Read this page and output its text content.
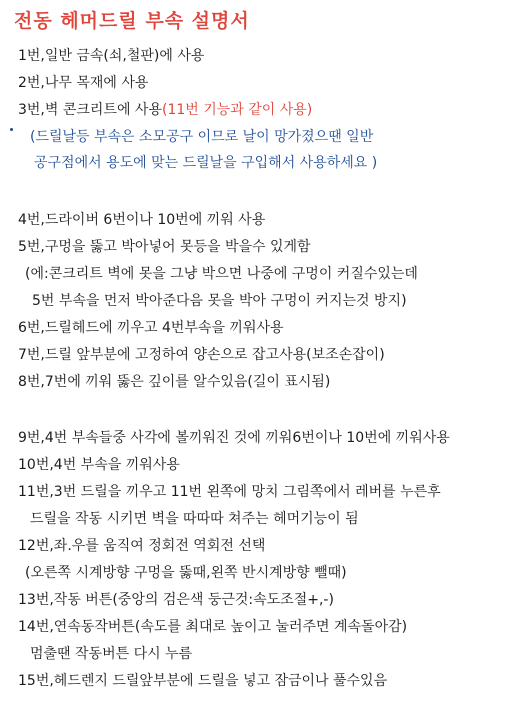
전동 헤머드릴 부속 설명서
1번,일반 금속(쇠,철판)에 사용
2번,나무 목재에 사용
3번,벽 콘크리트에 사용(11번 기능과 같이 사용)
(드릴날등 부속은 소모공구 이므로 날이 망가졌으땐 일반
공구점에서 용도에 맞는 드릴날을 구입해서 사용하세요 )
4번,드라이버 6번이나 10번에 끼워 사용
5번,구멍을 뚫고 박아넣어 못등을 박을수 있게함
(에:콘크리트 벽에 못을 그냥 박으면 나중에 구멍이 커질수있는데
5번 부속을 먼저 박아준다음 못을 박아 구멍이 커지는것 방지)
6번,드릴헤드에 끼우고 4번부속을 끼워사용
7번,드릴 앞부분에 고정하여 양손으로 잡고사용(보조손잡이)
8번,7번에 끼워 뚫은 깊이를 알수있음(길이 표시됨)
9번,4번 부속들중 사각에 볼끼워진 것에 끼워6번이나 10번에 끼워사용
10번,4번 부속을 끼워사용
11번,3번 드릴을 끼우고 11번 왼쪽에 망치 그림쪽에서 레버를 누른후
드릴을 작동 시키면 벽을 따따따 쳐주는 헤머기능이 됨
12번,좌.우를 움직여 정회전 역회전 선택
(오른쪽 시계방향 구멍을 뚫때,왼쪽 반시계방향 뺄때)
13번,작동 버튼(중앙의 검은색 둥근것:속도조절+,-)
14번,연속동작버튼(속도를 최대로 높이고 눌러주면 계속돌아감)
멈출땐 작동버튼 다시 누름
15번,헤드렌지 드릴앞부분에 드릴을 넣고 잠금이나 풀수있음
